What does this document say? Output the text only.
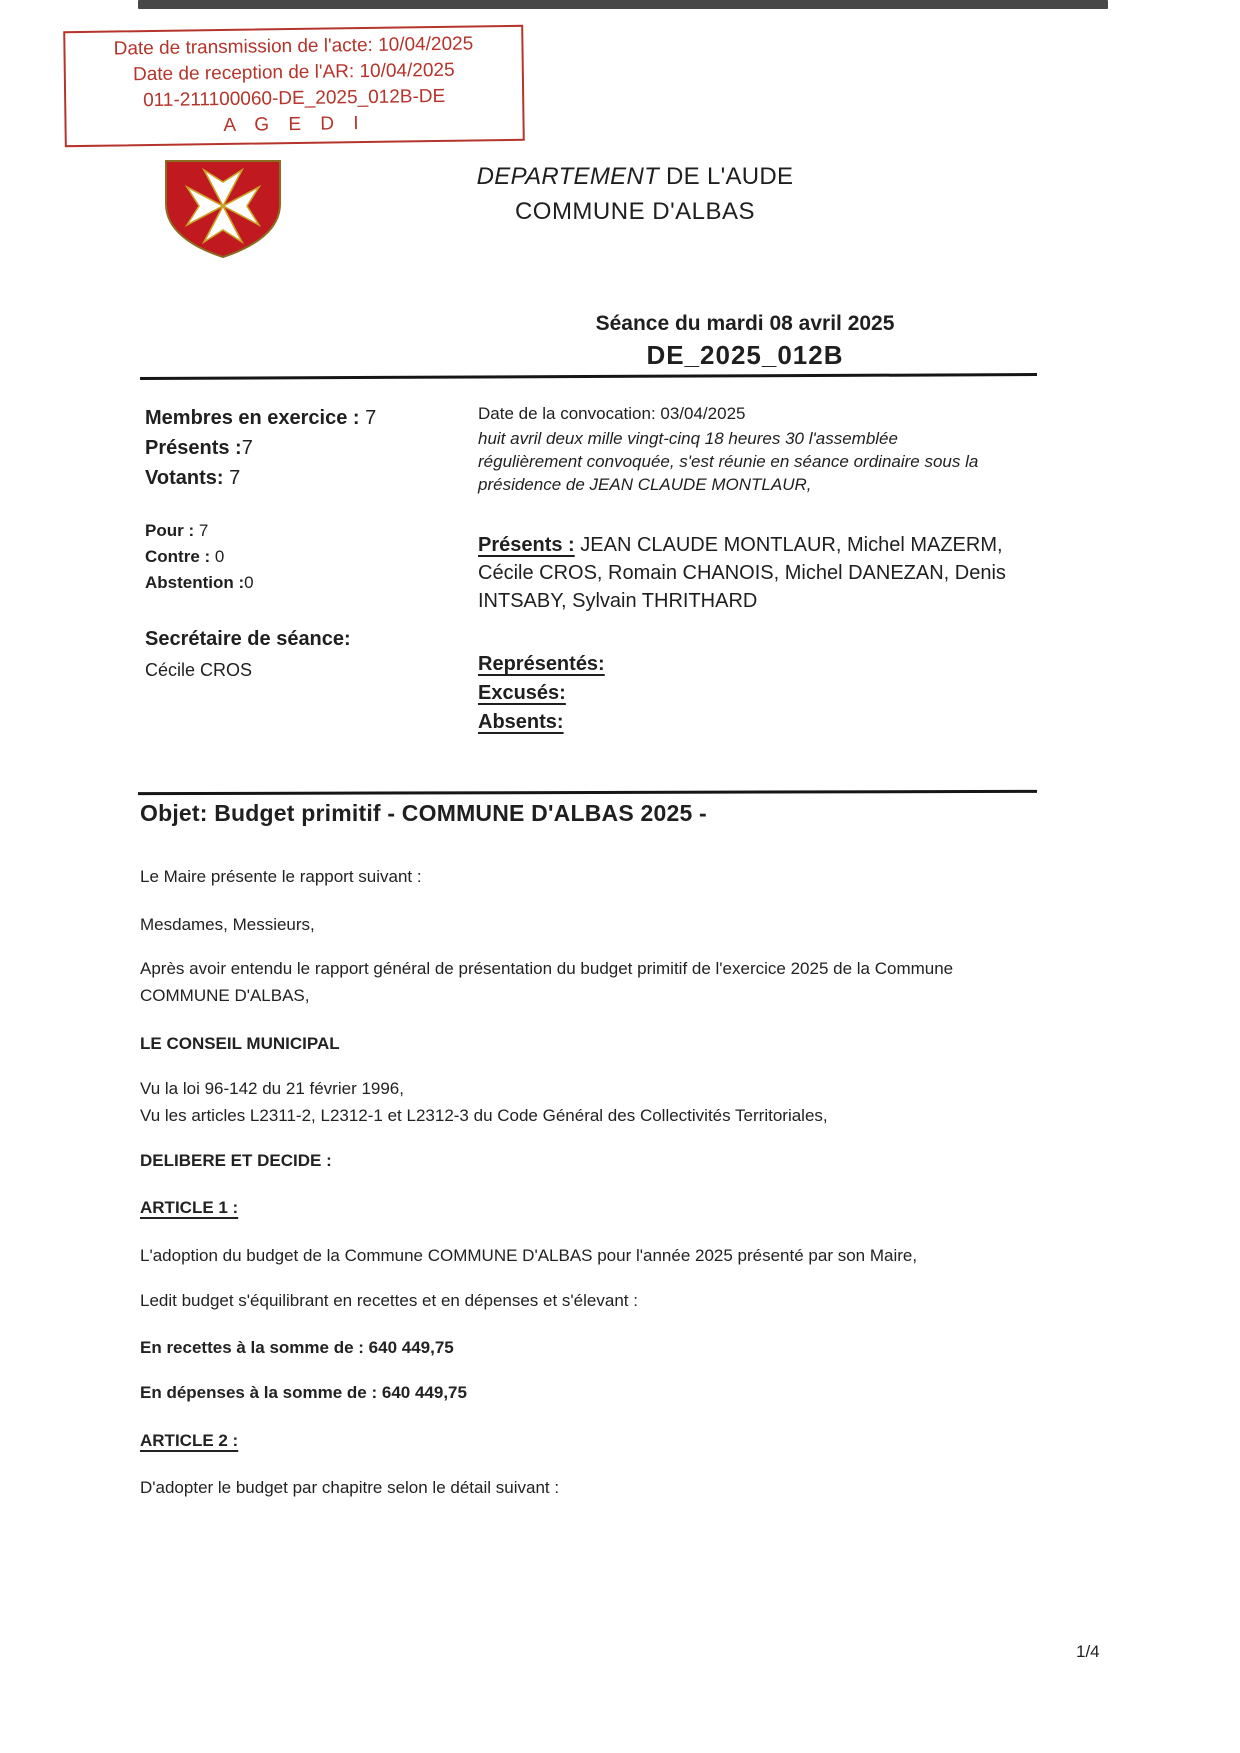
Date de transmission de l'acte: 10/04/2025
Date de reception de l'AR: 10/04/2025
011-211100060-DE_2025_012B-DE
A G E D I
DEPARTEMENT DE L'AUDE
COMMUNE D'ALBAS
Séance du mardi 08 avril 2025
DE_2025_012B
Membres en exercice : 7
Présents :7
Votants: 7
Pour : 7
Contre : 0
Abstention :0
Secrétaire de séance:
Cécile CROS
Date de la convocation: 03/04/2025
huit avril deux mille vingt-cinq 18 heures 30 l'assemblée
régulièrement convoquée, s'est réunie en séance ordinaire sous la
présidence de JEAN CLAUDE MONTLAUR,
Présents : JEAN CLAUDE MONTLAUR, Michel MAZERM, Cécile CROS, Romain CHANOIS, Michel DANEZAN, Denis INTSABY, Sylvain THRITHARD
Représentés:
Excusés:
Absents:
Objet: Budget primitif - COMMUNE D'ALBAS 2025 -
Le Maire présente le rapport suivant :
Mesdames, Messieurs,
Après avoir entendu le rapport général de présentation du budget primitif de l'exercice 2025 de la Commune
COMMUNE D'ALBAS,
LE CONSEIL MUNICIPAL
Vu la loi 96-142 du 21 février 1996,
Vu les articles L2311-2, L2312-1 et L2312-3 du Code Général des Collectivités Territoriales,
DELIBERE ET DECIDE :
ARTICLE 1 :
L'adoption du budget de la Commune COMMUNE D'ALBAS pour l'année 2025 présenté par son Maire,
Ledit budget s'équilibrant en recettes et en dépenses et s'élevant :
En recettes à la somme de : 640 449,75
En dépenses à la somme de : 640 449,75
ARTICLE 2 :
D'adopter le budget par chapitre selon le détail suivant :
1/4
